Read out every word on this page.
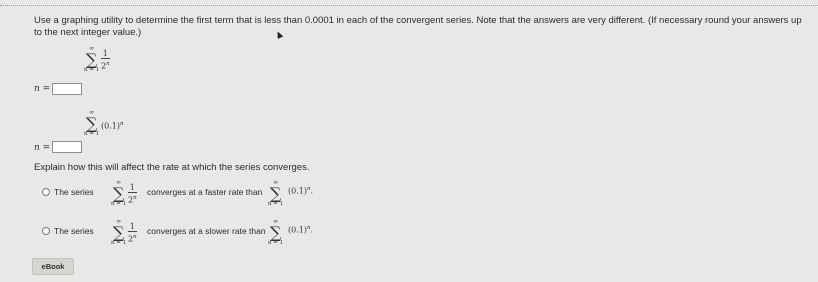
Use a graphing utility to determine the first term that is less than 0.0001 in each of the convergent series. Note that the answers are very different. (If necessary round your answers up to the next integer value.)
∞
∑
n = 1
1
2$^n$
n =
∞
∑
n = 1
$(0.1)^n$
n =
Explain how this will affect the rate at which the series converges.
The series
∞
∑
n = 1
1
2$^n$
converges at a faster rate than
∞
∑
n = 1
$(0.1)^n$.
The series
∞
∑
n = 1
1
2$^n$
converges at a slower rate than
∞
∑
n = 1
$(0.1)^n$.
eBook
